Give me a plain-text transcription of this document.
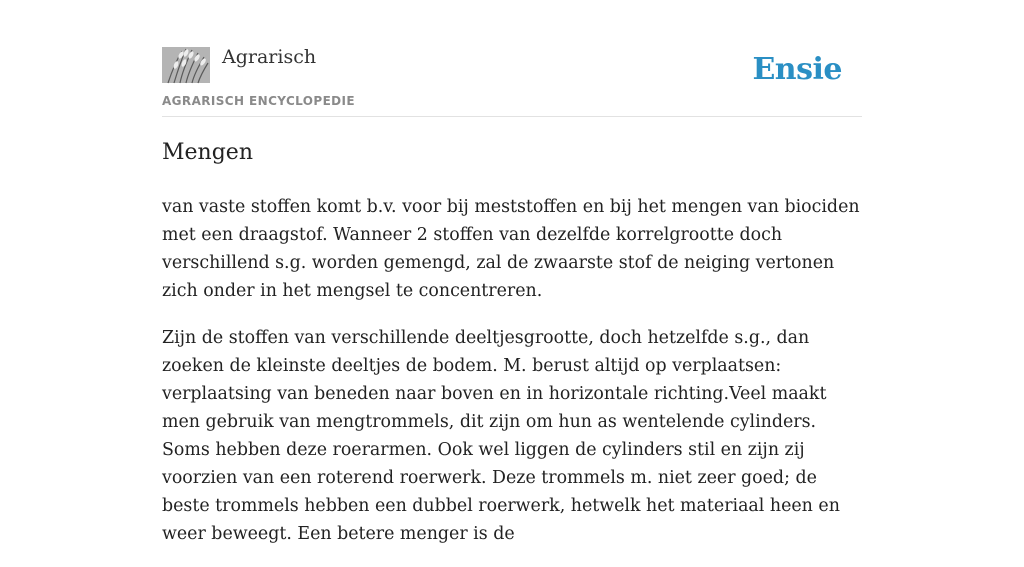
Agrarisch
AGRARISCH ENCYCLOPEDIE
Ensie
Mengen

van vaste stoffen komt b.v. voor bij meststoffen en bij het mengen van biociden met een draagstof. Wanneer 2 stoffen van dezelfde korrelgrootte doch verschillend s.g. worden gemengd, zal de zwaarste stof de neiging vertonen zich onder in het mengsel te concentreren.

Zijn de stoffen van verschillende deeltjesgrootte, doch hetzelfde s.g., dan zoeken de kleinste deeltjes de bodem. M. berust altijd op verplaatsen: verplaatsing van beneden naar boven en in horizontale richting.Veel maakt men gebruik van mengtrommels, dit zijn om hun as wentelende cylinders. Soms hebben deze roerarmen. Ook wel liggen de cylinders stil en zijn zij voorzien van een roterend roerwerk. Deze trommels m. niet zeer goed; de beste trommels hebben een dubbel roerwerk, hetwelk het materiaal heen en weer beweegt. Een betere menger is de
